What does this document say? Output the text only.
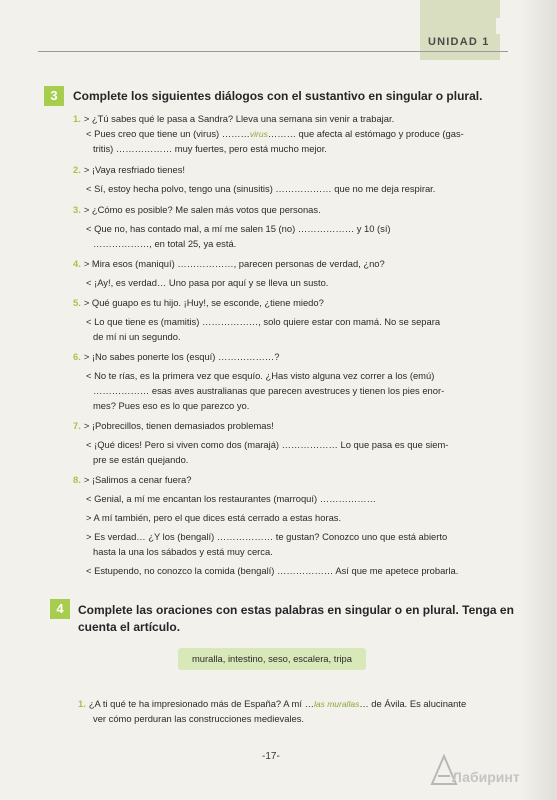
UNIDAD 1
3	Complete los siguientes diálogos con el sustantivo en singular o plural.
1. > ¿Tú sabes qué le pasa a Sandra? Lleva una semana sin venir a trabajar.
< Pues creo que tiene un (virus) ………virus……… que afecta al estómago y produce (gas-
tritis) ……………… muy fuertes, pero está mucho mejor.
2. > ¡Vaya resfriado tienes!
< Sí, estoy hecha polvo, tengo una (sinusitis) ……………… que no me deja respirar.
3. > ¿Cómo es posible? Me salen más votos que personas.
< Que no, has contado mal, a mí me salen 15 (no) ……………… y 10 (sí)
………………, en total 25, ya está.
4. > Mira esos (maniquí) ………………, parecen personas de verdad, ¿no?
< ¡Ay!, es verdad… Uno pasa por aquí y se lleva un susto.
5. > Qué guapo es tu hijo. ¡Huy!, se esconde, ¿tiene miedo?
< Lo que tiene es (mamitis) ………………, solo quiere estar con mamá. No se separa
de mí ni un segundo.
6. > ¡No sabes ponerte los (esquí) ………………?
< No te rías, es la primera vez que esquío. ¿Has visto alguna vez correr a los (emú)
……………… esas aves australianas que parecen avestruces y tienen los pies enor-
mes? Pues eso es lo que parezco yo.
7. > ¡Pobrecillos, tienen demasiados problemas!
< ¡Qué dices! Pero si viven como dos (marajá) ……………… Lo que pasa es que siem-
pre se están quejando.
8. > ¡Salimos a cenar fuera?
< Genial, a mí me encantan los restaurantes (marroquí) ………………
> A mí también, pero el que dices está cerrado a estas horas.
> Es verdad… ¿Y los (bengalí) ……………… te gustan? Conozco uno que está abierto
hasta la una los sábados y está muy cerca.
< Estupendo, no conozco la comida (bengalí) ……………… Así que me apetece probarla.
4	Complete las oraciones con estas palabras en singular o en plural. Tenga en
cuenta el artículo.
muralla, intestino, seso, escalera, tripa
1. ¿A ti qué te ha impresionado más de España? A mí …las murallas… de Ávila. Es alucinante
ver cómo perduran las construcciones medievales.
-17-
Лабиринт
